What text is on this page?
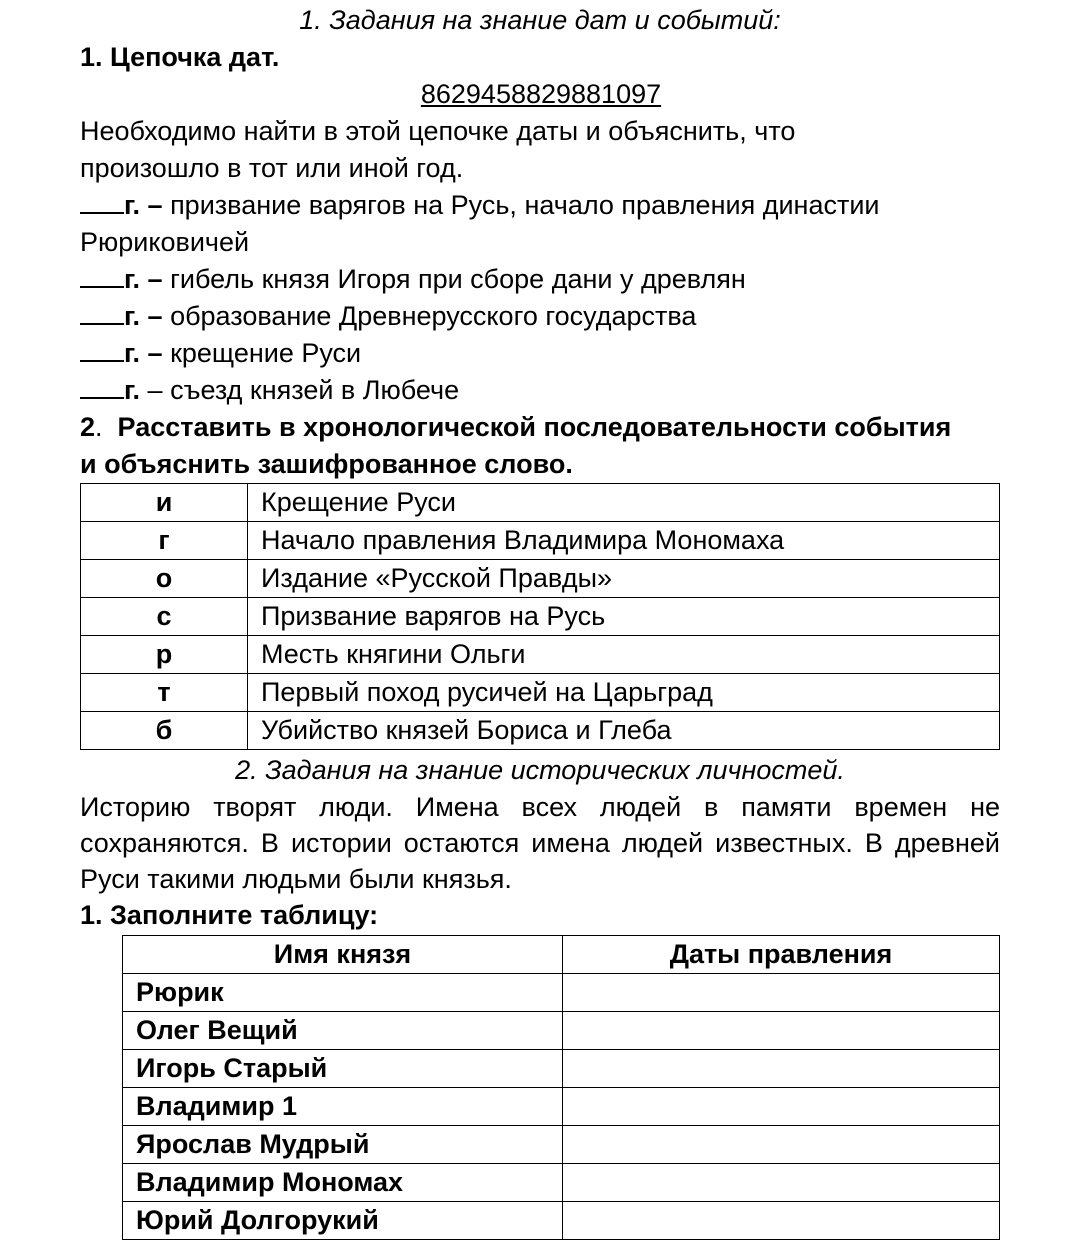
1. Задания на знание дат и событий:
1. Цепочка дат.
8629458829881097
Необходимо найти в этой цепочке даты и объяснить, что
произошло в тот или иной год.
г. – призвание варягов на Русь, начало правления династии
Рюриковичей
г. – гибель князя Игоря при сборе дани у древлян
г. – образование Древнерусского государства
г. – крещение Руси
г. – съезд князей в Любече
2.  Расставить в хронологической последовательности события
и объяснить зашифрованное слово.
и	Крещение Руси
г	Начало правления Владимира Мономаха
о	Издание «Русской Правды»
с	Призвание варягов на Русь
р	Месть княгини Ольги
т	Первый поход русичей на Царьград
б	Убийство князей Бориса и Глеба
2. Задания на знание исторических личностей.
Историю творят люди. Имена всех людей в памяти времен не сохраняются. В истории остаются имена людей известных. В древней Руси такими людьми были князья.
1. Заполните таблицу:
Имя князя	Даты правления
Рюрик	
Олег Вещий	
Игорь Старый	
Владимир 1	
Ярослав Мудрый	
Владимир Мономах	
Юрий Долгорукий	
